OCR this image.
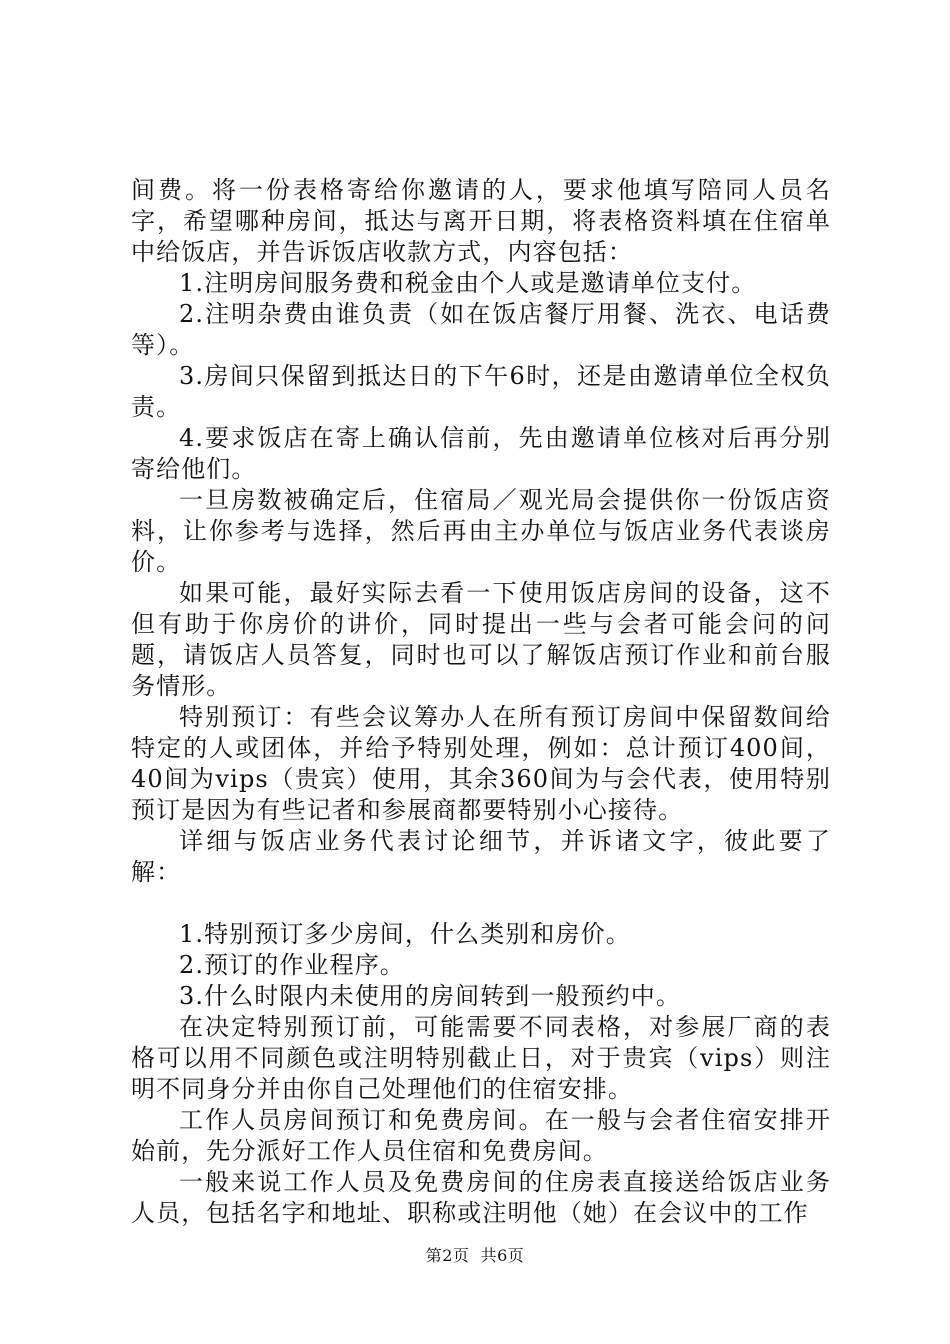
间费。将一份表格寄给你邀请的人，要求他填写陪同人员名字，希望哪种房间，抵达与离开日期，将表格资料填在住宿单中给饭店，并告诉饭店收款方式，内容包括：

1.注明房间服务费和税金由个人或是邀请单位支付。

2.注明杂费由谁负责（如在饭店餐厅用餐、洗衣、电话费等）。

3.房间只保留到抵达日的下午6时，还是由邀请单位全权负责。

4.要求饭店在寄上确认信前，先由邀请单位核对后再分别寄给他们。

一旦房数被确定后，住宿局／观光局会提供你一份饭店资料，让你参考与选择，然后再由主办单位与饭店业务代表谈房价。

如果可能，最好实际去看一下使用饭店房间的设备，这不但有助于你房价的讲价，同时提出一些与会者可能会问的问题，请饭店人员答复，同时也可以了解饭店预订作业和前台服务情形。

特别预订：有些会议筹办人在所有预订房间中保留数间给特定的人或团体，并给予特别处理，例如：总计预订400间，40间为vips（贵宾）使用，其余360间为与会代表，使用特别预订是因为有些记者和参展商都要特别小心接待。

详细与饭店业务代表讨论细节，并诉诸文字，彼此要了解：

1.特别预订多少房间，什么类别和房价。

2.预订的作业程序。

3.什么时限内未使用的房间转到一般预约中。

在决定特别预订前，可能需要不同表格，对参展厂商的表格可以用不同颜色或注明特别截止日，对于贵宾（vips）则注明不同身分并由你自己处理他们的住宿安排。

工作人员房间预订和免费房间。在一般与会者住宿安排开始前，先分派好工作人员住宿和免费房间。

一般来说工作人员及免费房间的住房表直接送给饭店业务人员，包括名字和地址、职称或注明他（她）在会议中的工作

第2页  共6页
